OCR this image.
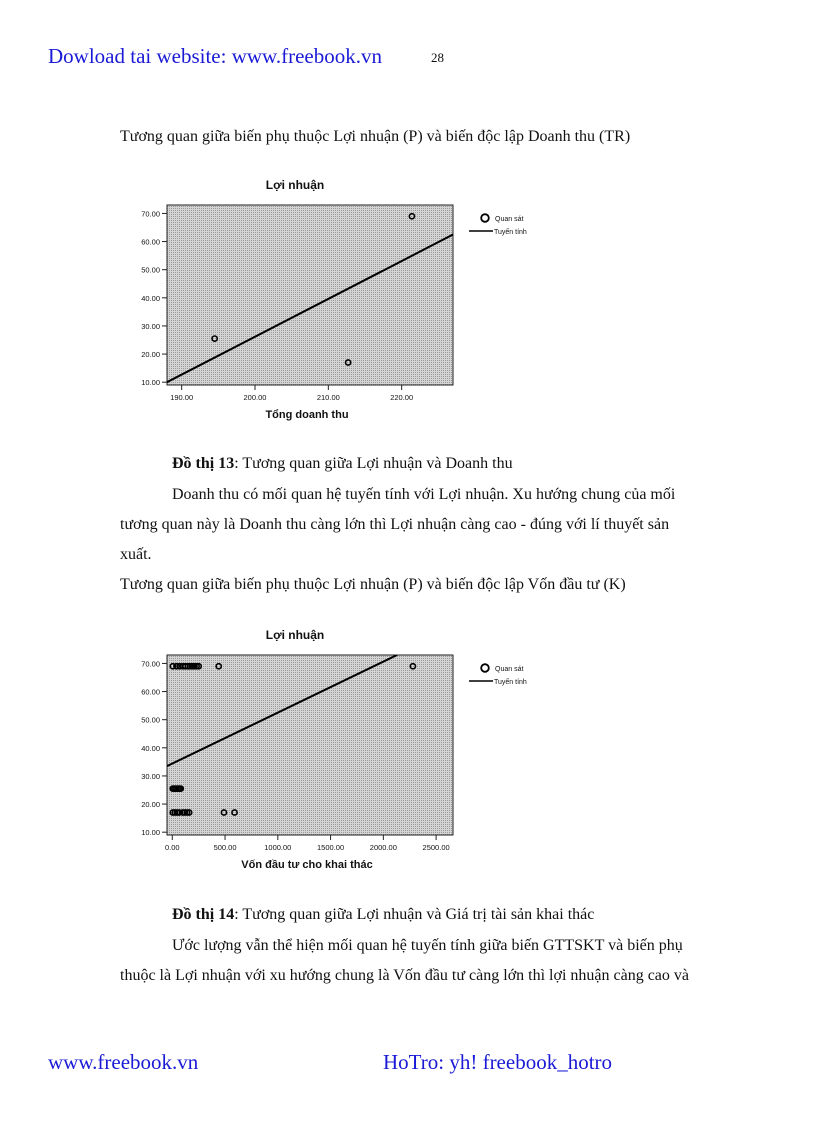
Dowload tai website: www.freebook.vn	28
Tương quan giữa biến phụ thuộc Lợi nhuận (P) và biến độc lập Doanh thu (TR)
Lợi nhuận
10.00
20.00
30.00
40.00
50.00
60.00
70.00
190.00	200.00	210.00	220.00
Tổng doanh thu
Quan sát
Tuyến tính
Đồ thị 13: Tương quan giữa Lợi nhuận và Doanh thu
Doanh thu có mối quan hệ tuyến tính với Lợi nhuận. Xu hướng chung của mối
tương quan này là Doanh thu càng lớn thì Lợi nhuận càng cao - đúng với lí thuyết sản
xuất.
Tương quan giữa biến phụ thuộc Lợi nhuận (P) và biến độc lập Vốn đầu tư (K)
Lợi nhuận
10.00
20.00
30.00
40.00
50.00
60.00
70.00
0.00	500.00	1000.00	1500.00	2000.00	2500.00
Vốn đầu tư cho khai thác
Quan sát
Tuyến tính
Đồ thị 14: Tương quan giữa Lợi nhuận và Giá trị tài sản khai thác
Ước lượng vẫn thể hiện mối quan hệ tuyến tính giữa biến GTTSKT và biến phụ
thuộc là Lợi nhuận với xu hướng chung là Vốn đầu tư càng lớn thì lợi nhuận càng cao và
www.freebook.vn	HoTro: yh! freebook_hotro
